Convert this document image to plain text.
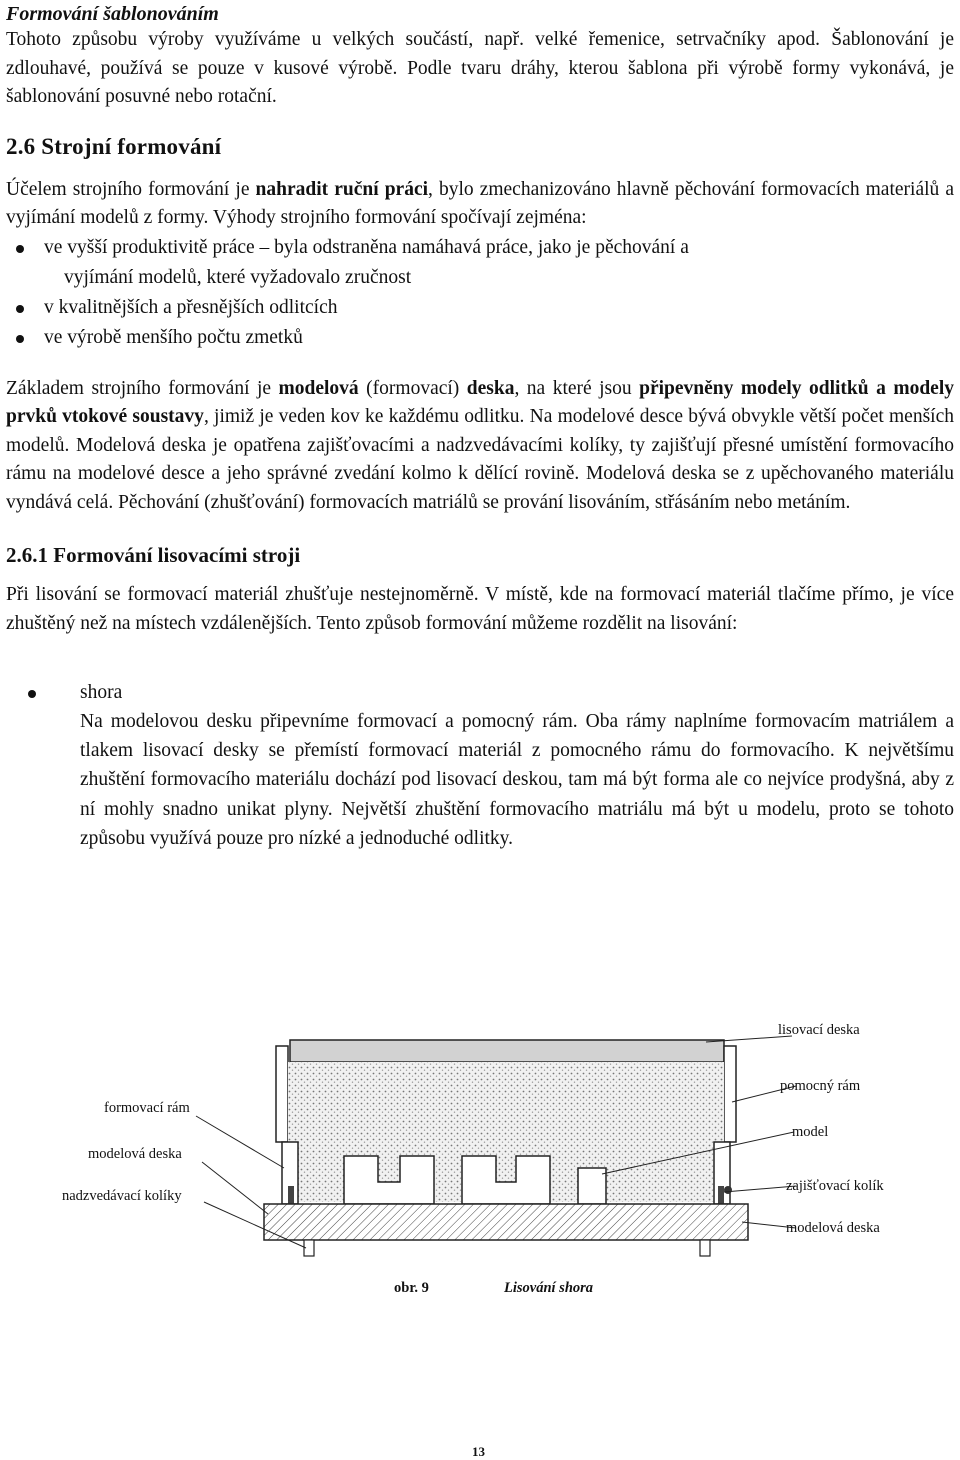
Formování šablonováním

Tohoto způsobu výroby využíváme u velkých součástí, např. velké řemenice, setrvačníky apod. Šablonování je zdlouhavé, používá se pouze v kusové výrobě. Podle tvaru dráhy, kterou šablona při výrobě formy vykonává, je šablonování posuvné nebo rotační.

2.6 Strojní formování

Účelem strojního formování je nahradit ruční práci, bylo zmechanizováno hlavně pěchování formovacích materiálů a vyjímání modelů z formy. Výhody strojního formování spočívají zejména:

ve vyšší produktivitě práce – byla odstraněna namáhavá práce, jako je pěchování a
vyjímání modelů, které vyžadovalo zručnost
v kvalitnějších a přesnějších odlitcích
ve výrobě menšího počtu zmetků

Základem strojního formování je modelová (formovací) deska, na které jsou připevněny modely odlitků a modely prvků vtokové soustavy, jimiž je veden kov ke každému odlitku. Na modelové desce bývá obvykle větší počet menších modelů. Modelová deska je opatřena zajišťovacími a nadzvedávacími kolíky, ty zajišťují přesné umístění formovacího rámu na modelové desce a jeho správné zvedání kolmo k dělící rovině. Modelová deska se z upěchovaného materiálu vyndává celá. Pěchování (zhušťování) formovacích matriálů se prování lisováním, střásáním nebo metáním.

2.6.1 Formování lisovacími stroji

Při lisování se formovací materiál zhušťuje nestejnoměrně. V místě, kde na formovací materiál tlačíme přímo, je více zhuštěný než na místech vzdálenějších. Tento způsob formování můžeme rozdělit na lisování:

shora

Na modelovou desku připevníme formovací a pomocný rám. Oba rámy naplníme formovacím matriálem a tlakem lisovací desky se přemístí formovací materiál z pomocného rámu do formovacího. K největšímu zhuštění formovacího materiálu dochází pod lisovací deskou, tam má být forma ale co nejvíce prodyšná, aby z ní mohly snadno unikat plyny. Největší zhuštění formovacího matriálu má být u modelu, proto se tohoto způsobu využívá pouze pro nízké a jednoduché odlitky.

lisovací deska
pomocný rám
model
zajišťovací kolík
modelová deska
formovací rám
modelová deska
nadzvedávací kolíky
obr. 9	Lisování shora
13
